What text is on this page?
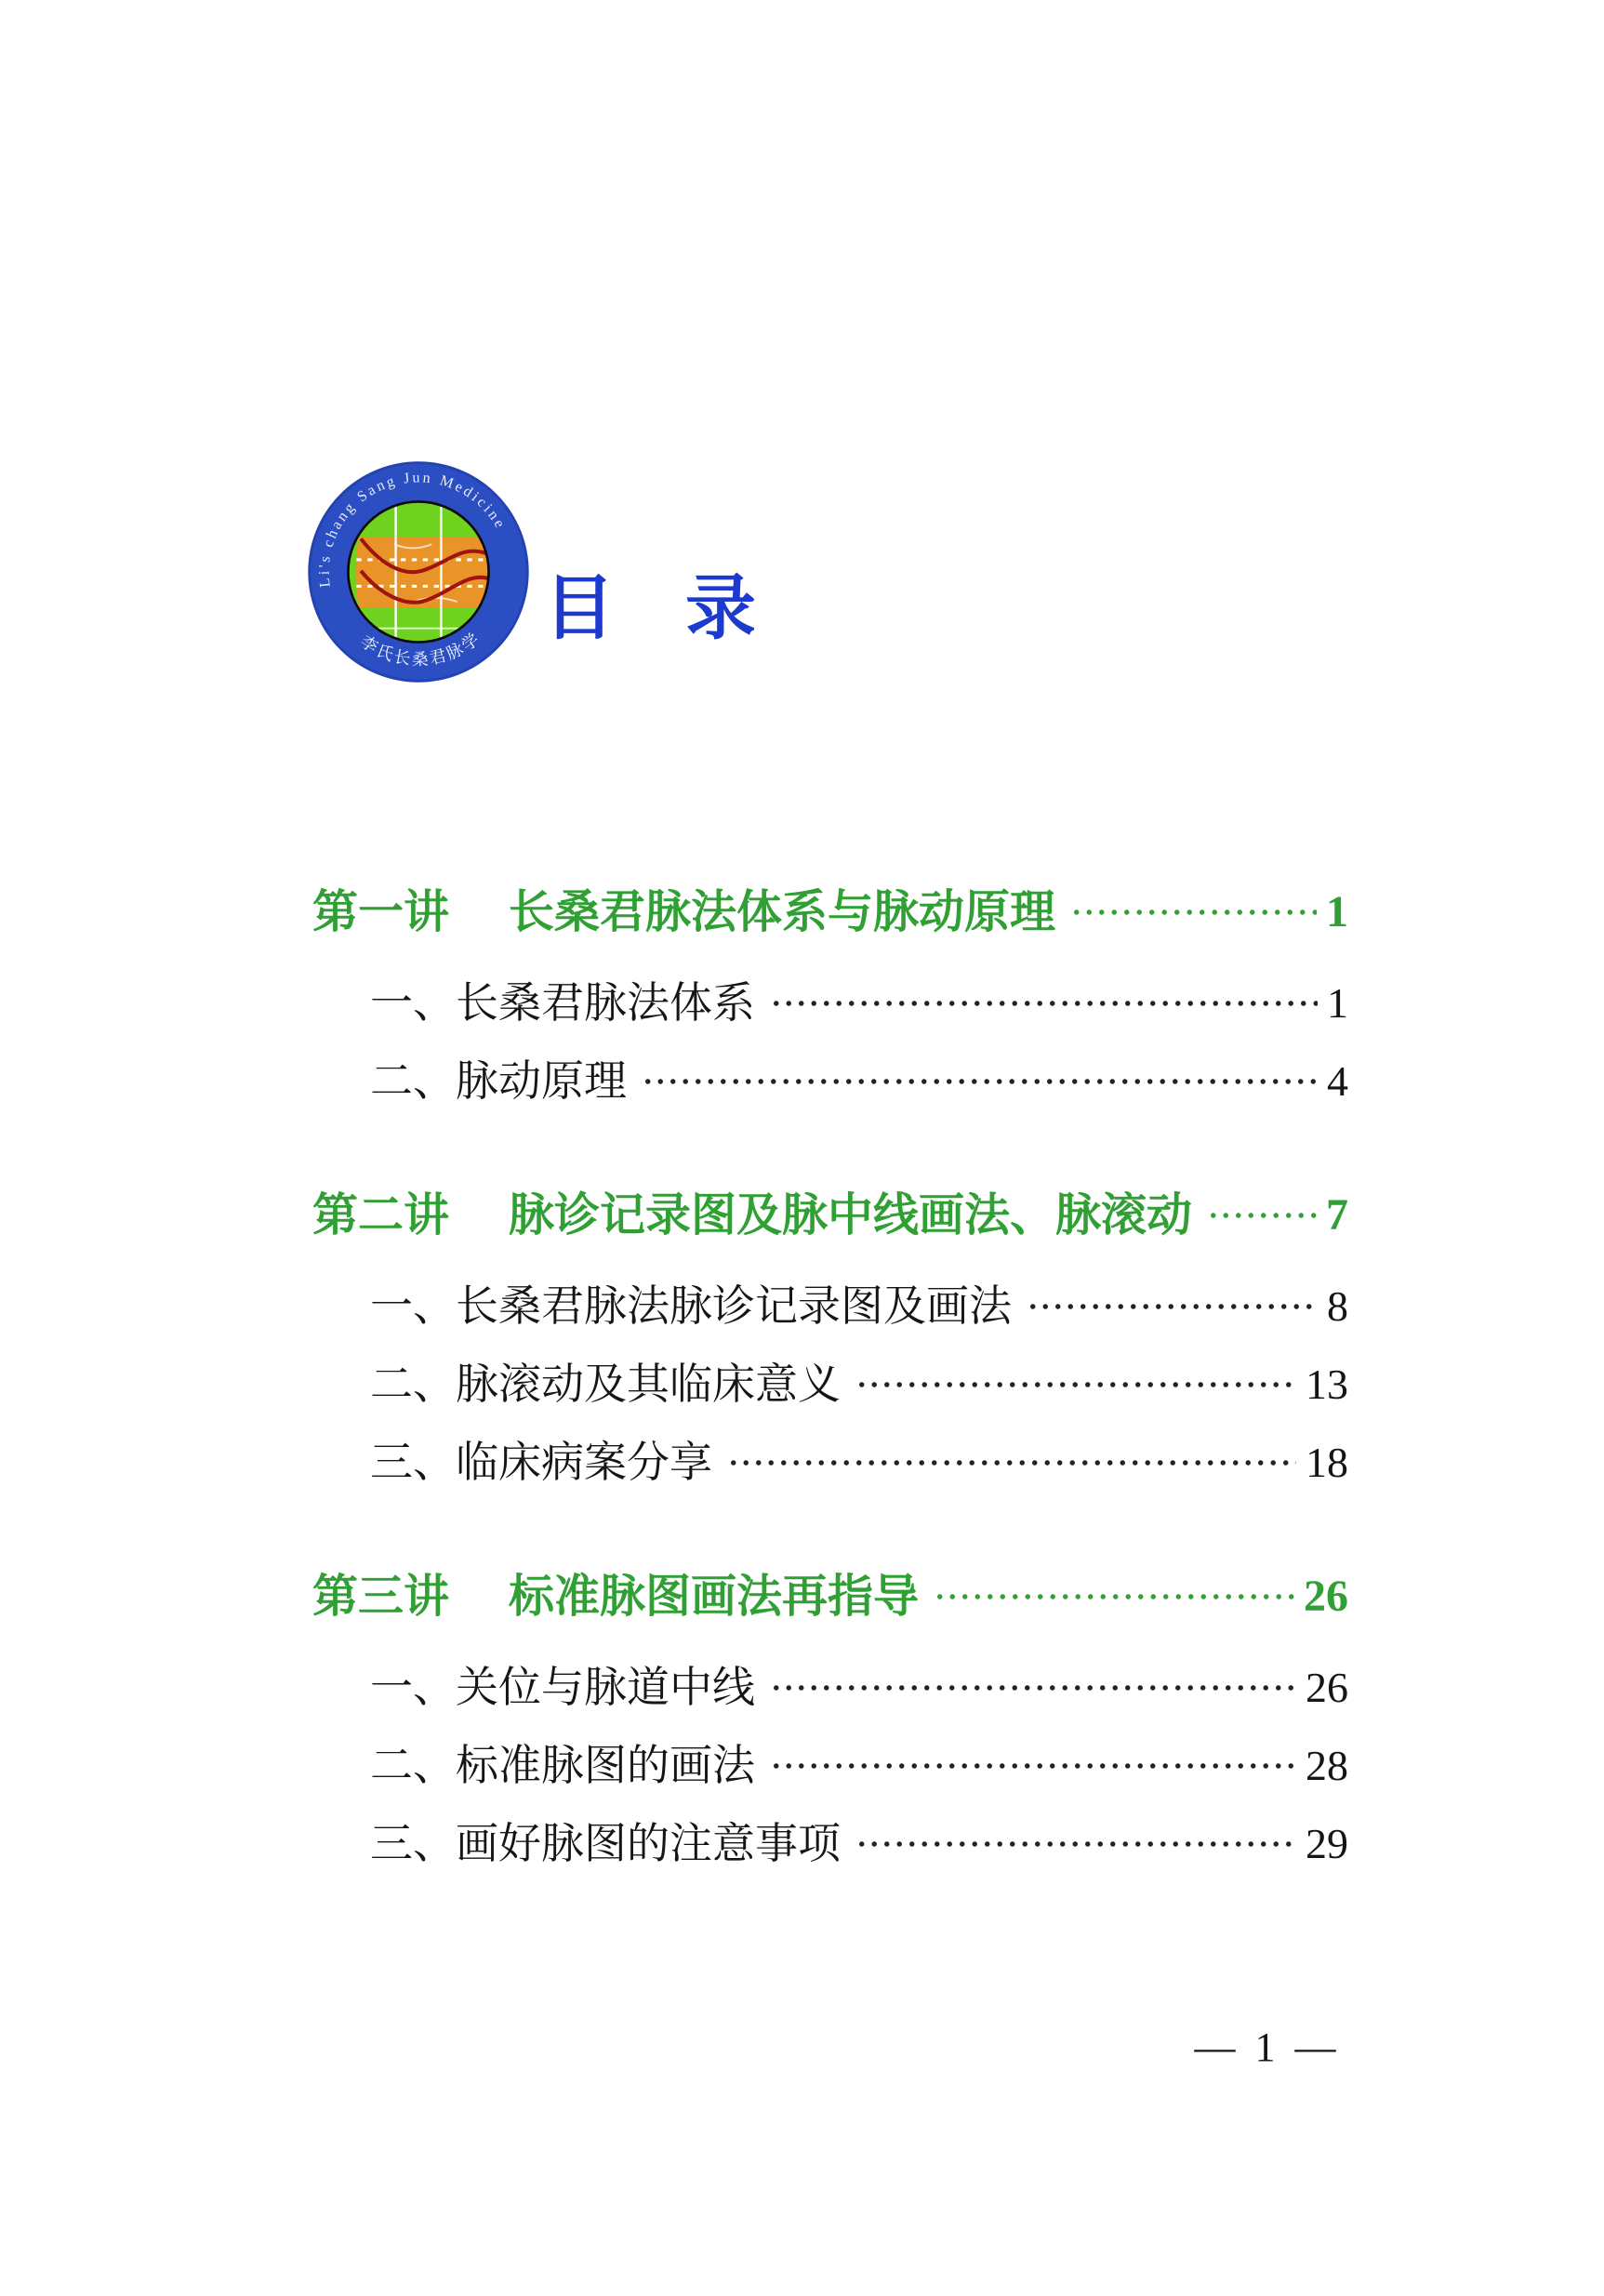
Li's chang Sang Jun Medicine
李氏长桑君脉学 目　录
第一讲 长桑君脉法体系与脉动原理	1
一、长桑君脉法体系	1
二、脉动原理	4
第二讲 脉诊记录图及脉中线画法、脉滚动	7
一、长桑君脉法脉诊记录图及画法	8
二、脉滚动及其临床意义	13
三、临床病案分享	18
第三讲 标准脉图画法再指导	26
一、关位与脉道中线	26
二、标准脉图的画法	28
三、画好脉图的注意事项	29
— 1 —
